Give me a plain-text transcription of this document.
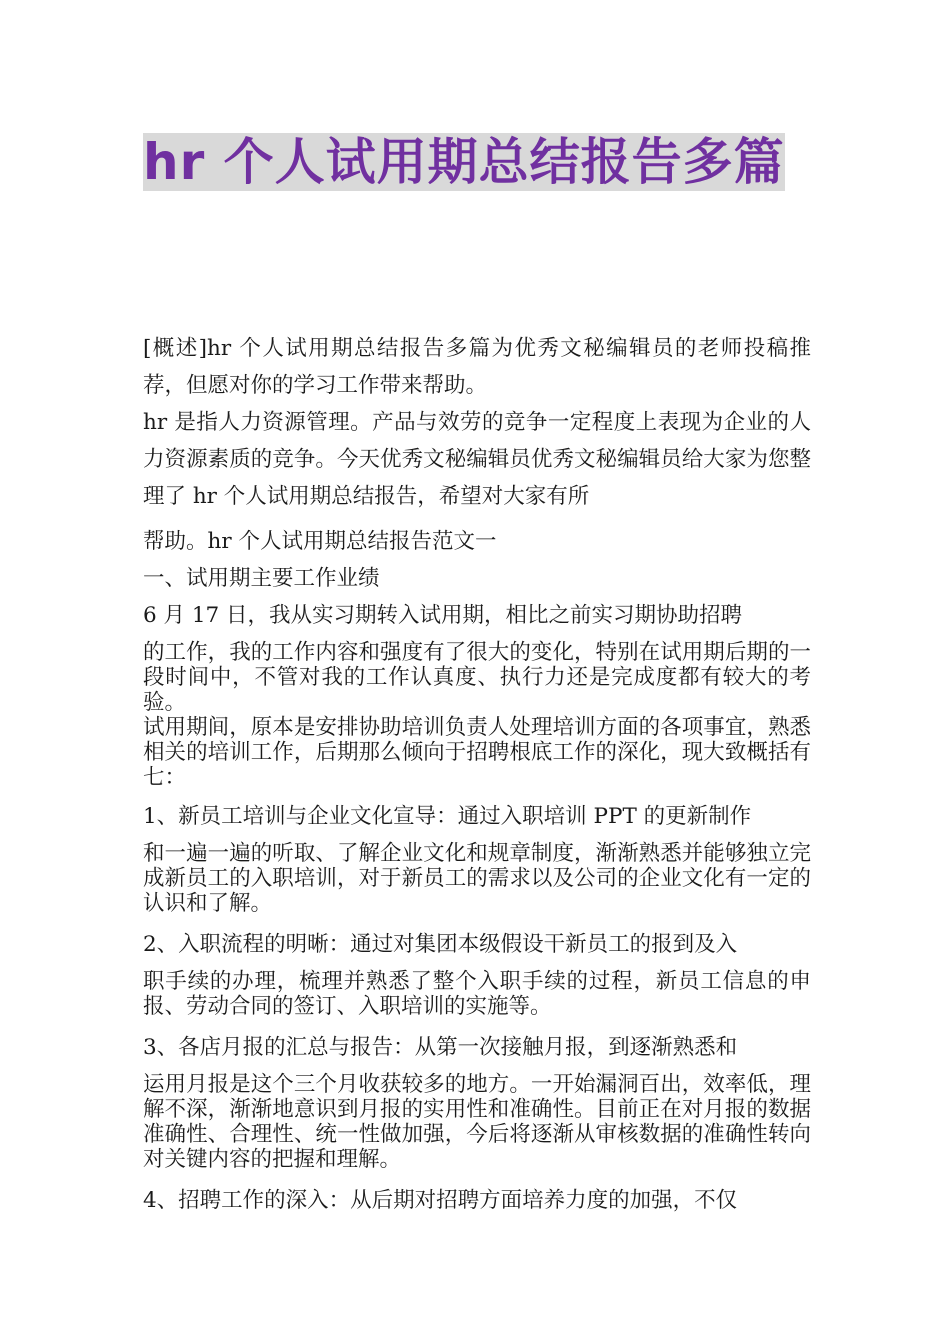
hr 个人试用期总结报告多篇

[概述]hr 个人试用期总结报告多篇为优秀文秘编辑员的老师投稿推荐，但愿对你的学习工作带来帮助。

hr 是指人力资源管理。产品与效劳的竞争一定程度上表现为企业的人力资源素质的竞争。今天优秀文秘编辑员优秀文秘编辑员给大家为您整理了 hr 个人试用期总结报告，希望对大家有所

帮助。hr 个人试用期总结报告范文一

一、试用期主要工作业绩

6 月 17 日，我从实习期转入试用期，相比之前实习期协助招聘

的工作，我的工作内容和强度有了很大的变化，特别在试用期后期的一段时间中，不管对我的工作认真度、执行力还是完成度都有较大的考验。

试用期间，原本是安排协助培训负责人处理培训方面的各项事宜，熟悉相关的培训工作，后期那么倾向于招聘根底工作的深化，现大致概括有七：

1、新员工培训与企业文化宣导：通过入职培训 PPT 的更新制作

和一遍一遍的听取、了解企业文化和规章制度，渐渐熟悉并能够独立完成新员工的入职培训，对于新员工的需求以及公司的企业文化有一定的认识和了解。

2、入职流程的明晰：通过对集团本级假设干新员工的报到及入

职手续的办理，梳理并熟悉了整个入职手续的过程，新员工信息的申报、劳动合同的签订、入职培训的实施等。

3、各店月报的汇总与报告：从第一次接触月报，到逐渐熟悉和

运用月报是这个三个月收获较多的地方。一开始漏洞百出，效率低，理解不深，渐渐地意识到月报的实用性和准确性。目前正在对月报的数据准确性、合理性、统一性做加强，今后将逐渐从审核数据的准确性转向对关键内容的把握和理解。

4、招聘工作的深入：从后期对招聘方面培养力度的加强，不仅
